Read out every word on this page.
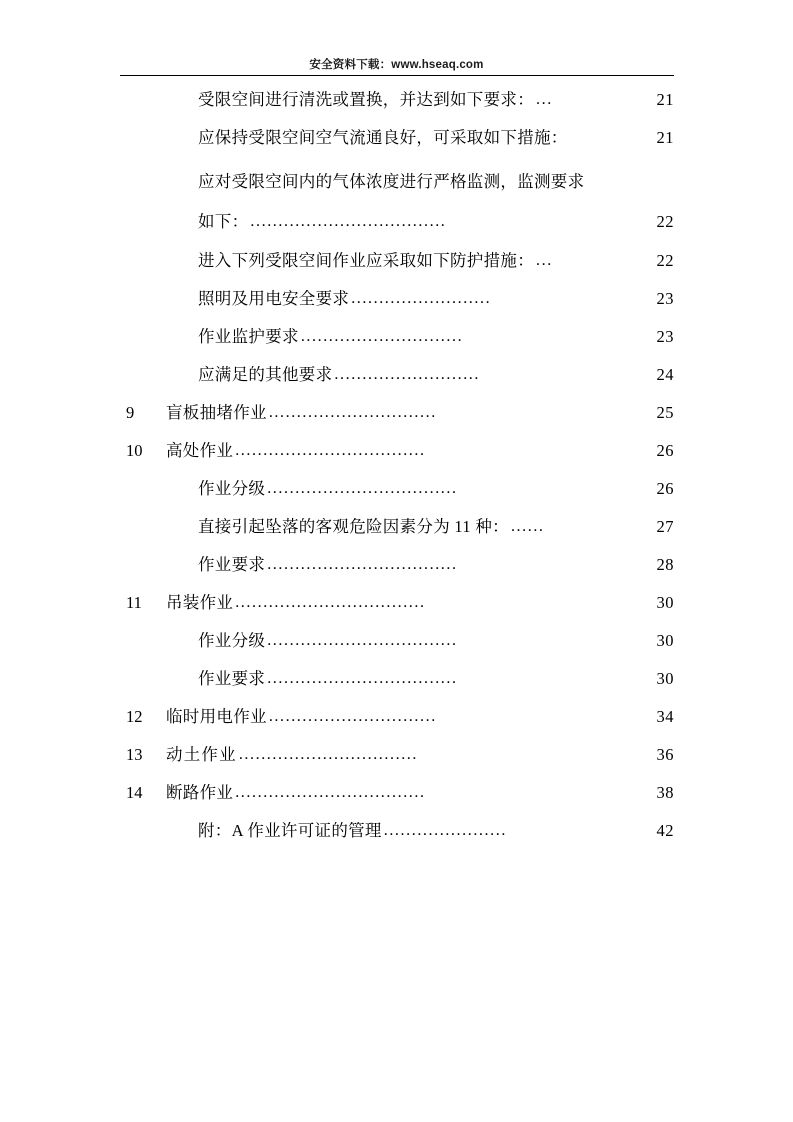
安全资料下载：www.hseaq.com
受限空间进行清洗或置换，并达到如下要求： ...	21
应保持受限空间空气流通良好，可采取如下措施：	21
应对受限空间内的气体浓度进行严格监测，监测要求
如下： ...................................	22
进入下列受限空间作业应采取如下防护措施： ...	22
照明及用电安全要求 .........................	23
作业监护要求 .............................	23
应满足的其他要求 ..........................	24
9	盲板抽堵作业 ..............................	25
10	高处作业 ..................................	26
作业分级 ..................................	26
直接引起坠落的客观危险因素分为 11 种： ......	27
作业要求 ..................................	28
11	吊装作业 ..................................	30
作业分级 ..................................	30
作业要求 ..................................	30
12	临时用电作业 ..............................	34
13	动土作业 ................................	36
14	断路作业 ..................................	38
附：A 作业许可证的管理 ......................	42
